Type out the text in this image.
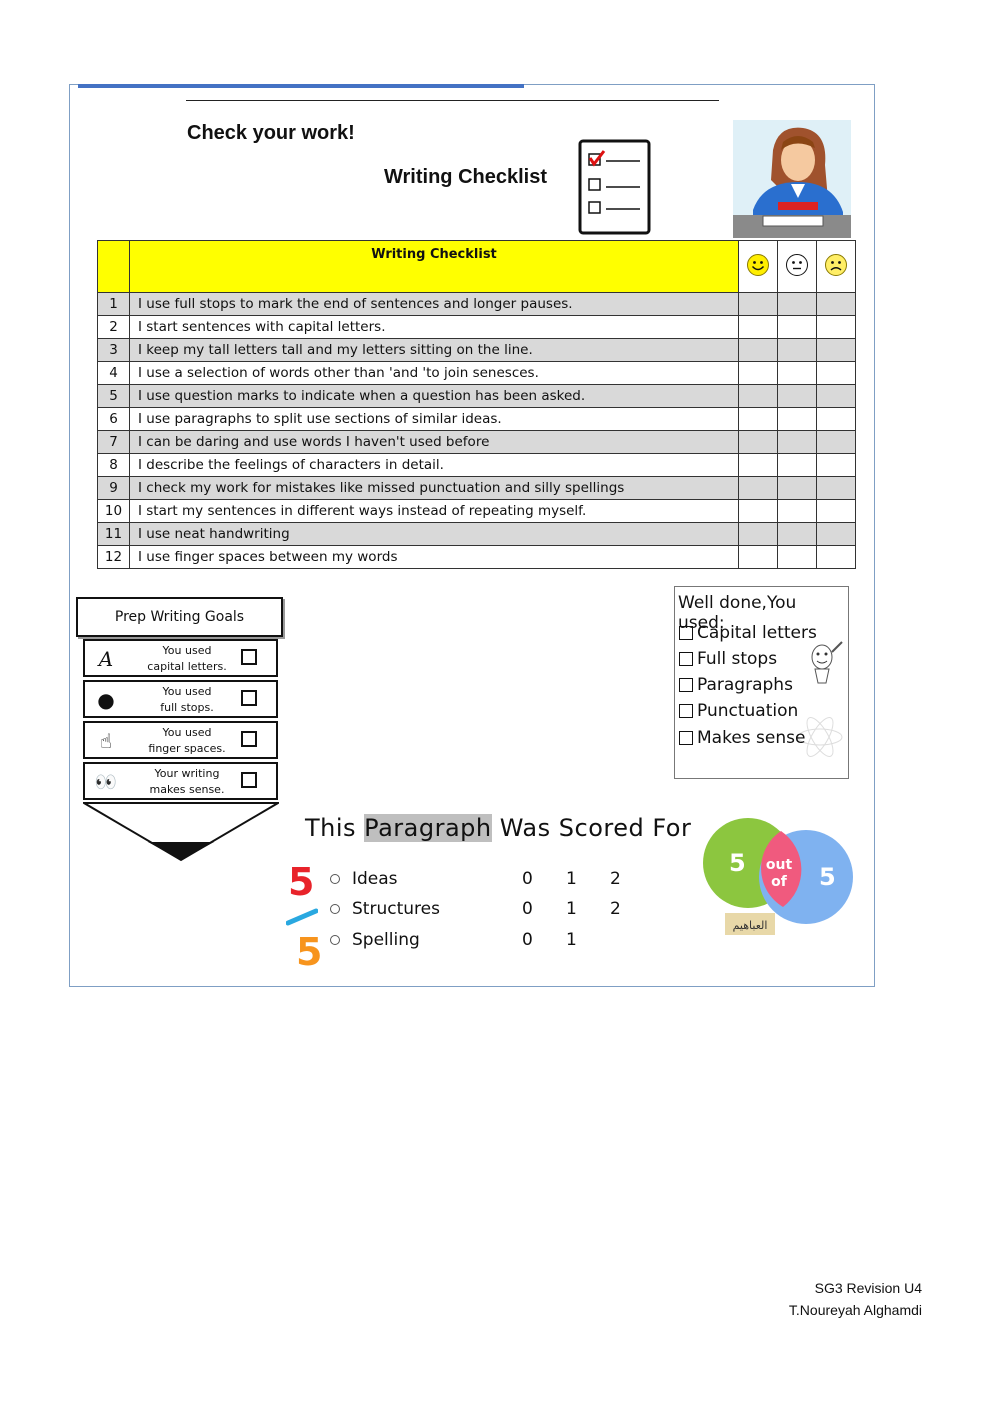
Check your work!
Writing Checklist
	Writing Checklist			
1	I use full stops to mark the end of sentences and longer pauses.			
2	I start sentences with capital letters.			
3	I keep my tall letters tall and my letters sitting on the line.			
4	I use a selection of words other than 'and 'to join senesces.			
5	I use question marks to indicate when a question has been asked.			
6	I use paragraphs to split use sections of similar ideas.			
7	I can be daring and use words I haven't used before			
8	I describe the feelings of characters in detail.			
9	I check my work for mistakes like missed punctuation and silly spellings			
10	I start my sentences in different ways instead of repeating myself.			
11	I use neat handwriting			
12	I use finger spaces between my words			
Prep Writing Goals
A	You used
capital letters.
●	You used
full stops.
☝	You used
finger spaces.
👀	Your writing
makes sense.
Well done,You used:
Capital letters
Full stops
Paragraphs
Punctuation
Makes sense
This Paragraph Was Scored For
5
5
Ideas	0 1 2
Structures	0 1 2
Spelling	0 1
5 out
of 5
العباهيم
SG3 Revision U4
T.Noureyah Alghamdi
